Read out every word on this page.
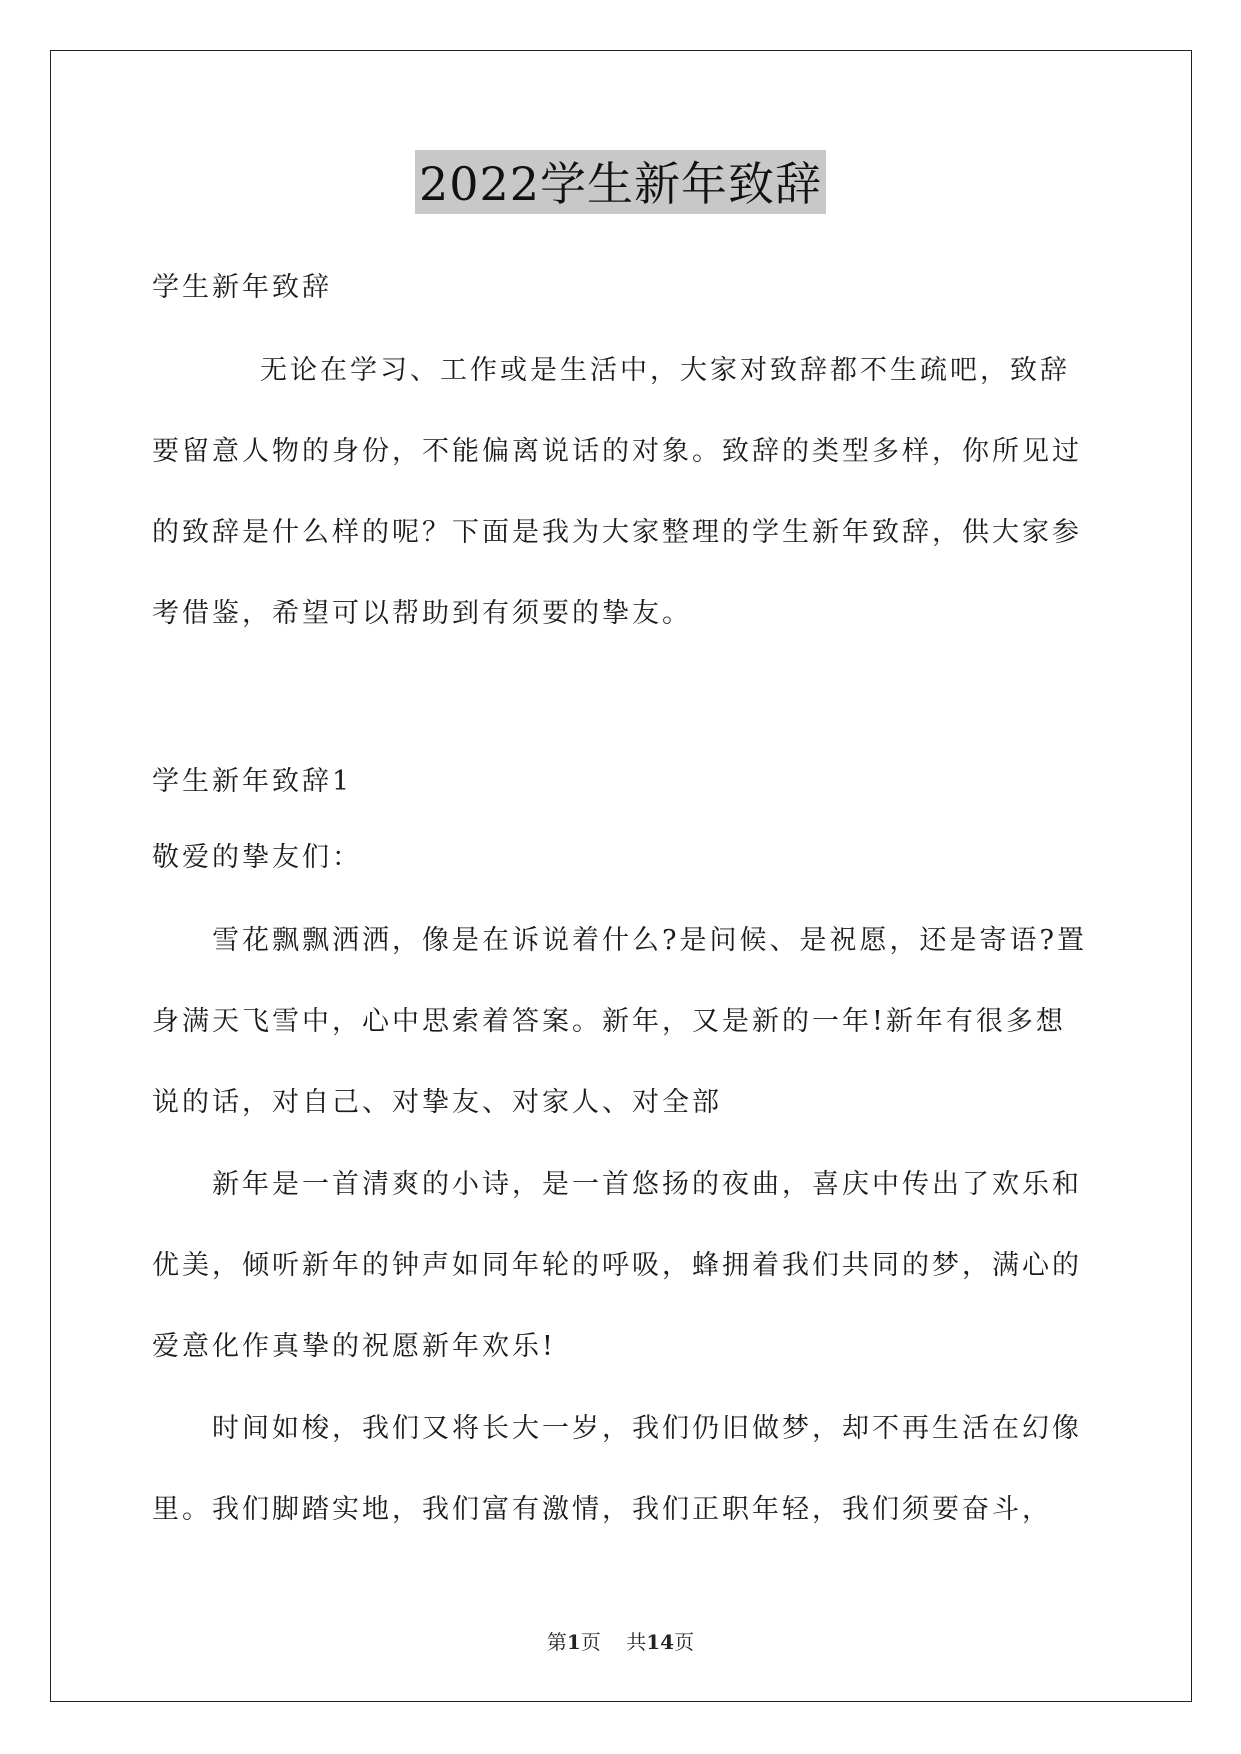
2022学生新年致辞

学生新年致辞

无论在学习、工作或是生活中，大家对致辞都不生疏吧，致辞要留意人物的身份，不能偏离说话的对象。致辞的类型多样，你所见过的致辞是什么样的呢？下面是我为大家整理的学生新年致辞，供大家参考借鉴，希望可以帮助到有须要的挚友。

学生新年致辞1

敬爱的挚友们：

雪花飘飘洒洒，像是在诉说着什么?是问候、是祝愿，还是寄语?置身满天飞雪中，心中思索着答案。新年，又是新的一年!新年有很多想说的话，对自己、对挚友、对家人、对全部

新年是一首清爽的小诗，是一首悠扬的夜曲，喜庆中传出了欢乐和优美，倾听新年的钟声如同年轮的呼吸，蜂拥着我们共同的梦，满心的爱意化作真挚的祝愿新年欢乐!

时间如梭，我们又将长大一岁，我们仍旧做梦，却不再生活在幻像里。我们脚踏实地，我们富有激情，我们正职年轻，我们须要奋斗，

第1页 共14页
